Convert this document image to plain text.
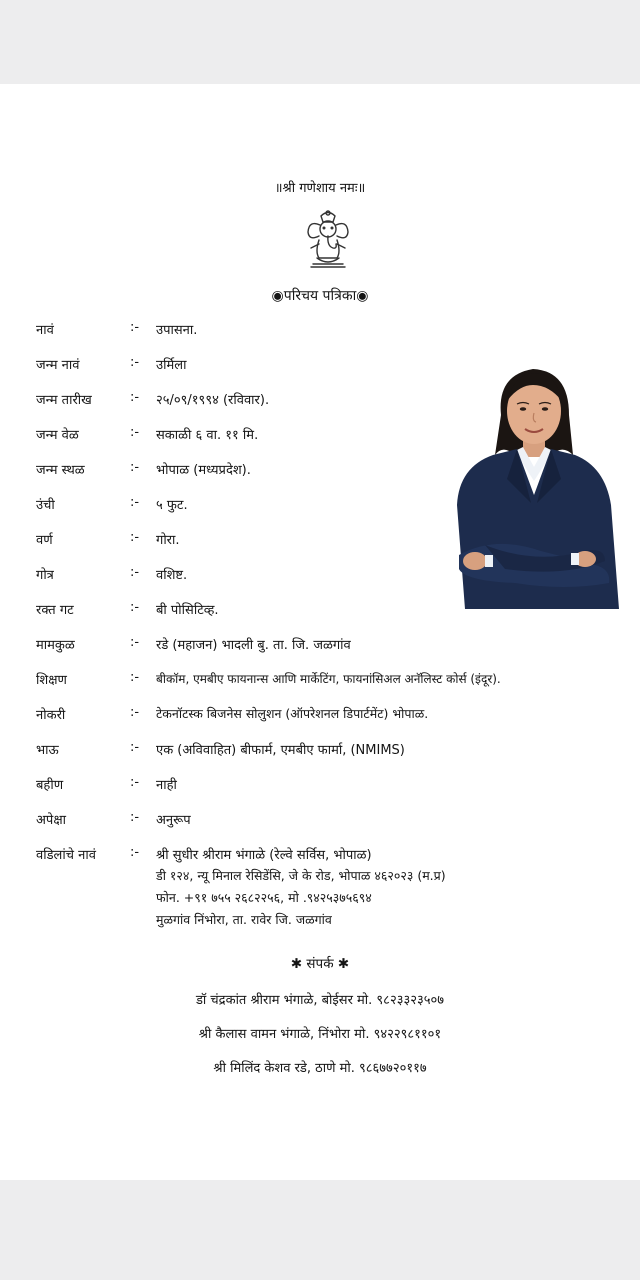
॥श्री गणेशाय नमः॥
◉परिचय पत्रिका◉
नावं	:- उपासना.
जन्म नावं	:- उर्मिला
जन्म तारीख	:- २५/०९/१९९४ (रविवार).
जन्म वेळ	:- सकाळी ६ वा. ११ मि.
जन्म स्थळ	:- भोपाळ (मध्यप्रदेश).
उंची	:- ५ फुट.
वर्ण	:- गोरा.
गोत्र	:- वशिष्ट.
रक्त गट	:- बी पोसिटिव्ह.
मामकुळ	:- रडे (महाजन) भादली बु. ता. जि. जळगांव
शिक्षण	:- बीकॉम, एमबीए फायनान्स आणि मार्केटिंग, फायनांसिअल अनॅलिस्ट कोर्स (इंदूर).
नोकरी	:- टेकनॉटस्क बिजनेस सोलुशन (ऑपरेशनल डिपार्टमेंट) भोपाळ.
भाऊ	:- एक (अविवाहित) बीफार्म, एमबीए फार्मा, (NMIMS)
बहीण	:- नाही
अपेक्षा	:- अनुरूप
वडिलांचे नावं	:- श्री सुधीर श्रीराम भंगाळे (रेल्वे सर्विस, भोपाळ)
डी १२४, न्यू मिनाल रेसिडेंसि, जे के रोड, भोपाळ ४६२०२३ (म.प्र)
फोन. +९१ ७५५ २६८२२५६, मो .९४२५३७५६९४
मुळगांव निंभोरा, ता. रावेर जि. जळगांव
✱ संपर्क ✱
डॉ चंद्रकांत श्रीराम भंगाळे, बोईसर मो. ९८२३३२३५०७
श्री कैलास वामन भंगाळे, निंभोरा मो. ९४२२९८११०१
श्री मिलिंद केशव रडे, ठाणे मो. ९८६७७२०११७
